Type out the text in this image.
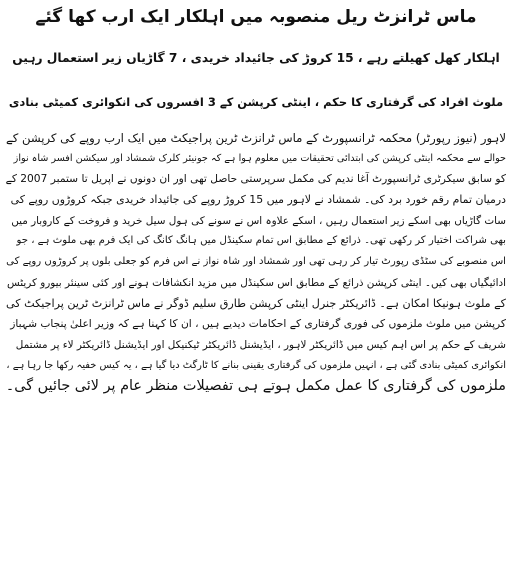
ماس ٹرانزٹ ریل منصوبہ میں اہلکار ایک ارب کھا گئے
اہلکار کھل کھیلتے رہے ، 15 کروڑ کی جائیداد خریدی ، 7 گاڑیاں زیر استعمال رہیں
ملوث افراد کی گرفتاری کا حکم ، اینٹی کرپشن کے 3 افسروں کی انکوائری کمیٹی بنادی
لاہور (نیوز رپورٹر) محکمہ ٹرانسپورٹ کے ماس ٹرانزٹ ٹرین پراجیکٹ میں ایک ارب روپے کی کرپشن کے
حوالے سے محکمہ اینٹی کرپشن کی ابتدائی تحقیقات میں معلوم ہوا ہے کہ جونیئر کلرک شمشاد اور سیکشن افسر شاہ نواز
کو سابق سیکرٹری ٹرانسپورٹ آغا ندیم کی مکمل سرپرستی حاصل تھی اور ان دونوں نے اپریل تا ستمبر 2007 کے
درمیان تمام رقم خورد برد کی۔ شمشاد نے لاہور میں 15 کروڑ روپے کی جائیداد خریدی جبکہ کروڑوں روپے کی
سات گاڑیاں بھی اسکے زیر استعمال رہیں ، اسکے علاوہ اس نے سونے کی ہول سیل خرید و فروخت کے کاروبار میں
بھی شراکت اختیار کر رکھی تھی۔ ذرائع کے مطابق اس تمام سکینڈل میں ہانگ کانگ کی ایک فرم بھی ملوث ہے ، جو
اس منصوبے کی سٹڈی رپورٹ تیار کر رہی تھی اور شمشاد اور شاہ نواز نے اس فرم کو جعلی بلوں پر کروڑوں روپے کی
ادائیگیاں بھی کیں۔ اینٹی کرپشن ذرائع کے مطابق اس سکینڈل میں مزید انکشافات ہونے اور کئی سینئر بیورو کریٹس
کے ملوث ہونیکا امکان ہے۔ ڈائریکٹر جنرل اینٹی کرپشن طارق سلیم ڈوگر نے ماس ٹرانزٹ ٹرین پراجیکٹ کی
کرپشن میں ملوث ملزموں کی فوری گرفتاری کے احکامات دیدیے ہیں ، ان کا کہنا ہے کہ وزیر اعلیٰ پنجاب شہباز
شریف کے حکم پر اس اہم کیس میں ڈائریکٹر لاہور ، ایڈیشنل ڈائریکٹر ٹیکنیکل اور ایڈیشنل ڈائریکٹر لاء پر مشتمل
انکوائری کمیٹی بنادی گئی ہے ، انہیں ملزموں کی گرفتاری یقینی بنانے کا ٹارگٹ دیا گیا ہے ، یہ کیس خفیہ رکھا جا رہا ہے ،
ملزموں کی گرفتاری کا عمل مکمل ہوتے ہی تفصیلات منظر عام پر لائی جائیں گی۔
